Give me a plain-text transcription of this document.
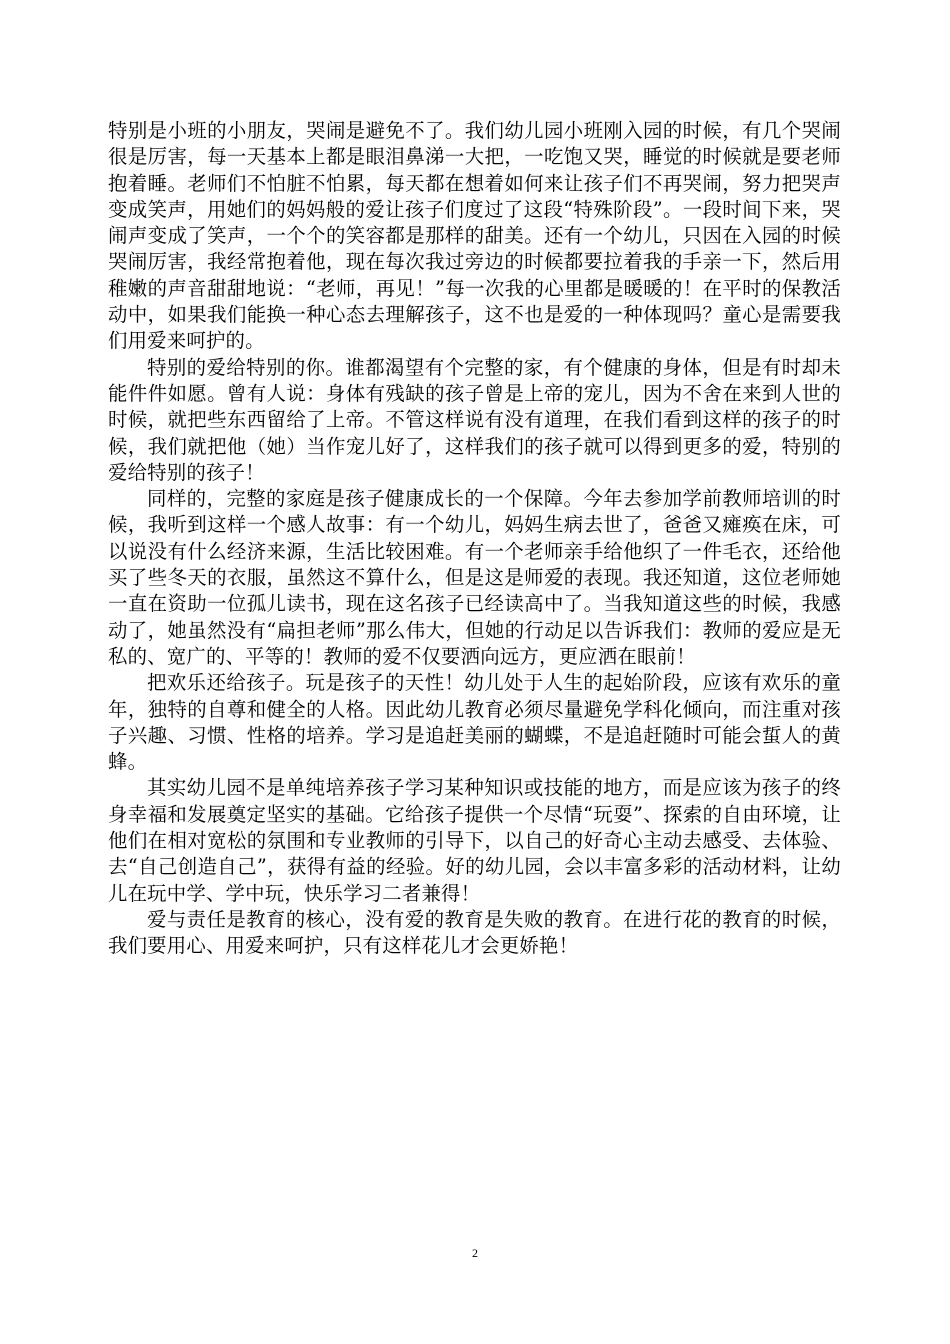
特别是小班的小朋友，哭闹是避免不了。我们幼儿园小班刚入园的时候，有几个哭闹很是厉害，每一天基本上都是眼泪鼻涕一大把，一吃饱又哭，睡觉的时候就是要老师抱着睡。老师们不怕脏不怕累，每天都在想着如何来让孩子们不再哭闹，努力把哭声变成笑声，用她们的妈妈般的爱让孩子们度过了这段“特殊阶段”。一段时间下来，哭闹声变成了笑声，一个个的笑容都是那样的甜美。还有一个幼儿，只因在入园的时候哭闹厉害，我经常抱着他，现在每次我过旁边的时候都要拉着我的手亲一下，然后用稚嫩的声音甜甜地说：“老师，再见！”每一次我的心里都是暖暖的！在平时的保教活动中，如果我们能换一种心态去理解孩子，这不也是爱的一种体现吗？童心是需要我们用爱来呵护的。

特别的爱给特别的你。谁都渴望有个完整的家，有个健康的身体，但是有时却未能件件如愿。曾有人说：身体有残缺的孩子曾是上帝的宠儿，因为不舍在来到人世的时候，就把些东西留给了上帝。不管这样说有没有道理，在我们看到这样的孩子的时候，我们就把他（她）当作宠儿好了，这样我们的孩子就可以得到更多的爱，特别的爱给特别的孩子！

同样的，完整的家庭是孩子健康成长的一个保障。今年去参加学前教师培训的时候，我听到这样一个感人故事：有一个幼儿，妈妈生病去世了，爸爸又瘫痪在床，可以说没有什么经济来源，生活比较困难。有一个老师亲手给他织了一件毛衣，还给他买了些冬天的衣服，虽然这不算什么，但是这是师爱的表现。我还知道，这位老师她一直在资助一位孤儿读书，现在这名孩子已经读高中了。当我知道这些的时候，我感动了，她虽然没有“扁担老师”那么伟大，但她的行动足以告诉我们：教师的爱应是无私的、宽广的、平等的！教师的爱不仅要洒向远方，更应洒在眼前！

把欢乐还给孩子。玩是孩子的天性！幼儿处于人生的起始阶段，应该有欢乐的童年，独特的自尊和健全的人格。因此幼儿教育必须尽量避免学科化倾向，而注重对孩子兴趣、习惯、性格的培养。学习是追赶美丽的蝴蝶，不是追赶随时可能会蜇人的黄蜂。

其实幼儿园不是单纯培养孩子学习某种知识或技能的地方，而是应该为孩子的终身幸福和发展奠定坚实的基础。它给孩子提供一个尽情“玩耍”、探索的自由环境，让他们在相对宽松的氛围和专业教师的引导下，以自己的好奇心主动去感受、去体验、去“自己创造自己”，获得有益的经验。好的幼儿园，会以丰富多彩的活动材料，让幼儿在玩中学、学中玩，快乐学习二者兼得！

爱与责任是教育的核心，没有爱的教育是失败的教育。在进行花的教育的时候，我们要用心、用爱来呵护，只有这样花儿才会更娇艳！

2
